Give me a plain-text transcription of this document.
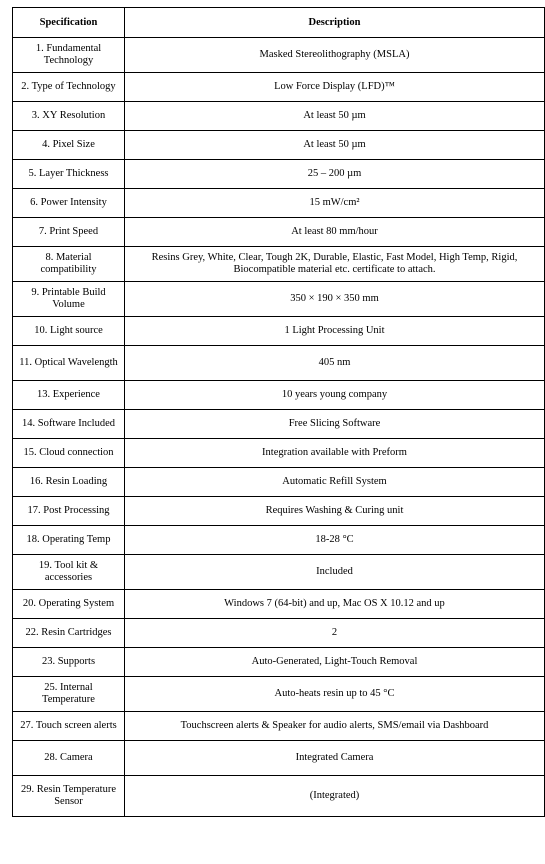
Specification	Description
1. Fundamental Technology	Masked Stereolithography (MSLA)
2. Type of Technology	Low Force Display (LFD)™
3. XY Resolution	At least 50 µm
4. Pixel Size	At least 50 µm
5. Layer Thickness	25 – 200 µm
6. Power Intensity	15 mW/cm²
7. Print Speed	At least 80 mm/hour
8. Material compatibility	Resins Grey, White, Clear, Tough 2K, Durable, Elastic, Fast Model, High Temp, Rigid, Biocompatible material etc. certificate to attach.
9. Printable Build Volume	350 × 190 × 350 mm
10. Light source	1 Light Processing Unit
11. Optical Wavelength	405 nm
13. Experience	10 years young company
14. Software Included	Free Slicing Software
15. Cloud connection	Integration available with Preform
16. Resin Loading	Automatic Refill System
17. Post Processing	Requires Washing & Curing unit
18. Operating Temp	18-28 °C
19. Tool kit & accessories	Included
20. Operating System	Windows 7 (64-bit) and up, Mac OS X 10.12 and up
22. Resin Cartridges	2
23. Supports	Auto-Generated, Light-Touch Removal
25. Internal Temperature	Auto-heats resin up to 45 °C
27. Touch screen alerts	Touchscreen alerts & Speaker for audio alerts, SMS/email via Dashboard
28. Camera	Integrated Camera
29. Resin Temperature Sensor	(Integrated)
